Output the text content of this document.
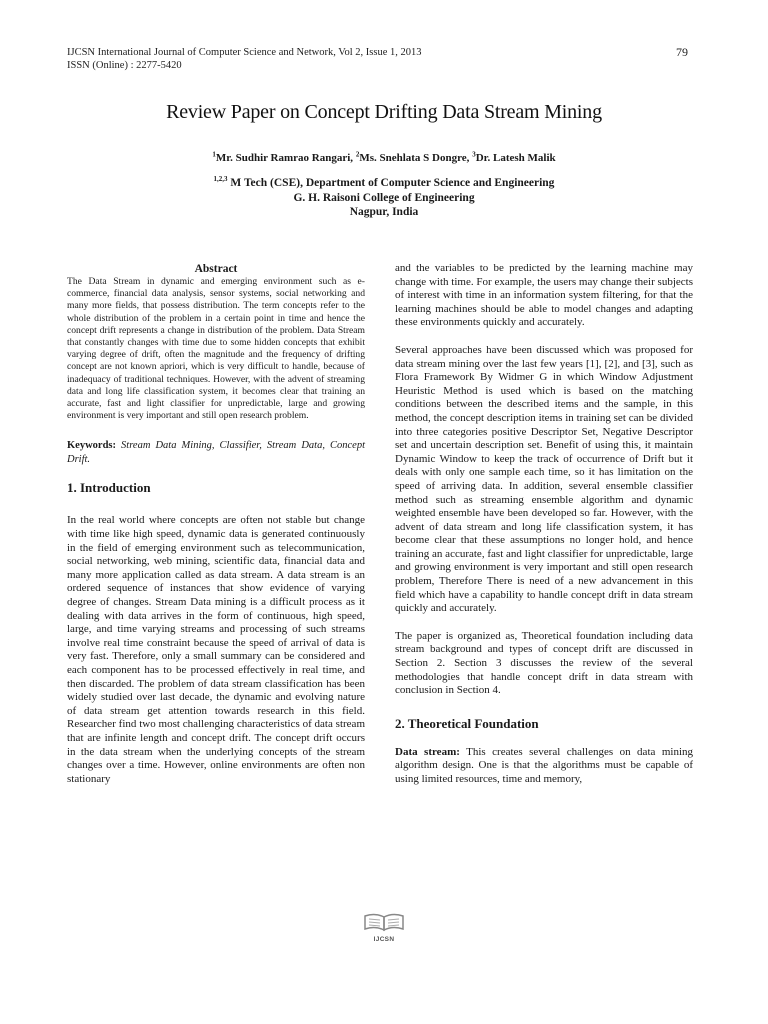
IJCSN International Journal of Computer Science and Network, Vol 2, Issue 1, 2013
ISSN (Online) : 2277-5420
79
Review Paper on Concept Drifting Data Stream Mining
$^1$Mr. Sudhir Ramrao Rangari, $^2$Ms. Snehlata S Dongre, $^3$Dr. Latesh Malik
$^{1,2,3}$ M Tech (CSE), Department of Computer Science and Engineering
G. H. Raisoni College of Engineering
Nagpur, India

Abstract

The Data Stream in dynamic and emerging environment such as e-commerce, financial data analysis, sensor systems, social networking and many more fields, that possess distribution. The term concepts refer to the whole distribution of the problem in a certain point in time and hence the concept drift represents a change in distribution of the problem. Data Stream that constantly changes with time due to some hidden concepts that exhibit varying degree of drift, often the magnitude and the frequency of drifting concept are not known apriori, which is very difficult to handle, because of inadequacy of traditional techniques. However, with the advent of streaming data and long life classification system, it becomes clear that training an accurate, fast and light classifier for unpredictable, large and growing environment is very important and still open research problem.

Keywords: Stream Data Mining, Classifier, Stream Data, Concept Drift.

1. Introduction

In the real world where concepts are often not stable but change with time like high speed, dynamic data is generated continuously in the field of emerging environment such as telecommunication, social networking, web mining, scientific data, financial data and many more application called as data stream. A data stream is an ordered sequence of instances that show evidence of varying degree of changes. Stream Data mining is a difficult process as it dealing with data arrives in the form of continuous, high speed, large, and time varying streams and processing of such streams involve real time constraint because the speed of arrival of data is very fast. Therefore, only a small summary can be considered and each component has to be processed effectively in real time, and then discarded. The problem of data stream classification has been widely studied over last decade, the dynamic and evolving nature of data stream get attention towards research in this field. Researcher find two most challenging characteristics of data stream that are infinite length and concept drift. The concept drift occurs in the data stream when the underlying concepts of the stream changes over a time. However, online environments are often non stationary

and the variables to be predicted by the learning machine may change with time. For example, the users may change their subjects of interest with time in an information system filtering, for that the learning machines should be able to model changes and adapting these environments quickly and accurately.

Several approaches have been discussed which was proposed for data stream mining over the last few years [1], [2], and [3], such as Flora Framework By Widmer G in which Window Adjustment Heuristic Method is used which is based on the matching conditions between the described items and the sample, in this method, the concept description items in training set can be divided into three categories positive Descriptor Set, Negative Descriptor set and uncertain description set. Benefit of using this, it maintain Dynamic Window to keep the track of occurrence of Drift but it deals with only one sample each time, so it has limitation on the speed of arriving data. In addition, several ensemble classifier method such as streaming ensemble algorithm and dynamic weighted ensemble have been developed so far. However, with the advent of data stream and long life classification system, it has become clear that these assumptions no longer hold, and hence training an accurate, fast and light classifier for unpredictable, large and growing environment is very important and still open research problem, Therefore There is need of a new advancement in this field which have a capability to handle concept drift in data stream quickly and accurately.

The paper is organized as, Theoretical foundation including data stream background and types of concept drift are discussed in Section 2. Section 3 discusses the review of the several methodologies that handle concept drift in data stream with conclusion in Section 4.

2. Theoretical Foundation

Data stream: This creates several challenges on data mining algorithm design. One is that the algorithms must be capable of using limited resources, time and memory,

IJCSN
